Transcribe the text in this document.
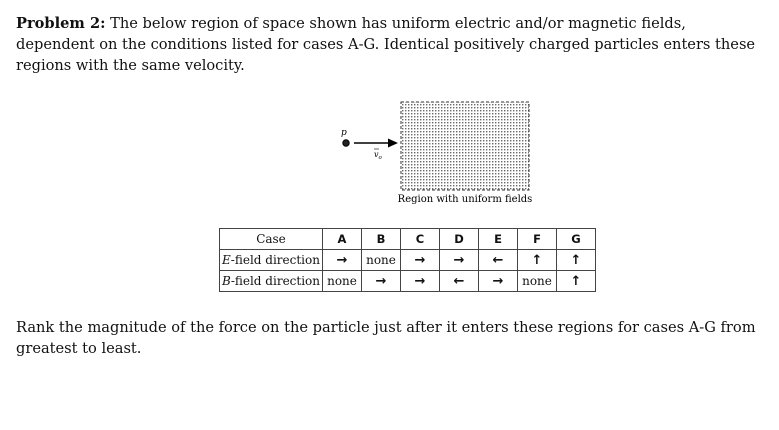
Problem 2: The below region of space shown has uniform electric and/or magnetic fields, dependent on the conditions listed for cases A-G. Identical positively charged particles enters these regions with the same velocity.

p
$v_o$
Region with uniform fields
Case	A	B	C	D	E	F	G
E-field direction	→	none	→	→	←	↑	↑
B-field direction	none	→	→	←	→	none	↑

Rank the magnitude of the force on the particle just after it enters these regions for cases A-G from greatest to least.
